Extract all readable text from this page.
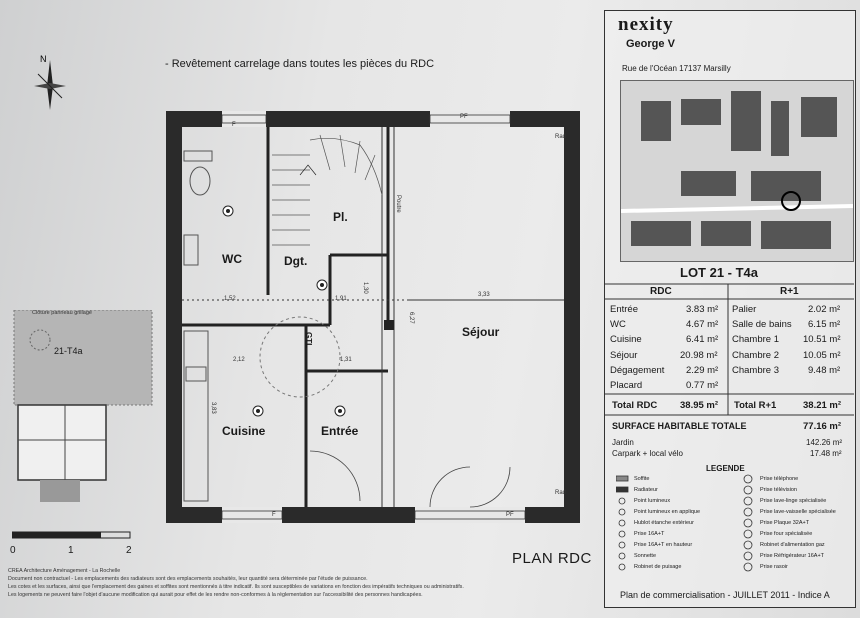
N	- Revêtement carrelage dans toutes les pièces du RDC
WC	Dgt.
Pl.
Séjour
Cuisine	Entrée
GTL
1,52	1,91
3,33
2,12	1,31
3,83
6,27
1,30
Poutre
F
PF
F	PF
Rad
Rad
Clôture panneau grillagé
21-T4a
0	1	2	PLAN RDC
CREA Architecture Aménagement - La Rochelle
Document non contractuel - Les emplacements des radiateurs sont des emplacements souhaités, leur quantité sera déterminée par l'étude de puissance.
Les cotes et les surfaces, ainsi que l'emplacement des gaines et soffites sont mentionnés à titre indicatif. Ils sont susceptibles de variations en fonction des impératifs techniques ou administratifs.
Les logements ne peuvent faire l'objet d'aucune modification qui aurait pour effet de les rendre non-conformes à la réglementation sur l'accessibilité des personnes handicapées.
nexity
George V
Rue de l'Océan 17137 Marsilly
LOT 21 - T4a
RDC	R+1
Entrée	3.83 m²
WC	4.67 m²
Cuisine	6.41 m²
Séjour	20.98 m²
Dégagement 2.29 m²
Placard	0.77 m²
Palier	2.02 m²
Salle de bains 6.15 m²
Chambre 1	10.51 m²
Chambre 2	10.05 m²
Chambre 3	9.48 m²
Total RDC 38.95 m² Total R+1	38.21 m²
SURFACE HABITABLE TOTALE	77.16 m²
Jardin	142.26 m²
Carpark + local vélo	17.48 m²
LEGENDE
Soffite
Radiateur
Point lumineux
Point lumineux en applique
Hublot étanche extérieur
Prise 16A+T
Prise 16A+T en hauteur
Sonnette
Robinet de puisage
Prise téléphone
Prise télévision
Prise lave-linge spécialisée
Prise lave-vaisselle spécialisée
Prise Plaque 32A+T
Prise four spécialisée
Robinet d'alimentation gaz
Prise Réfrigérateur 16A+T
Prise rasoir
Plan de commercialisation - JUILLET 2011 - Indice A
